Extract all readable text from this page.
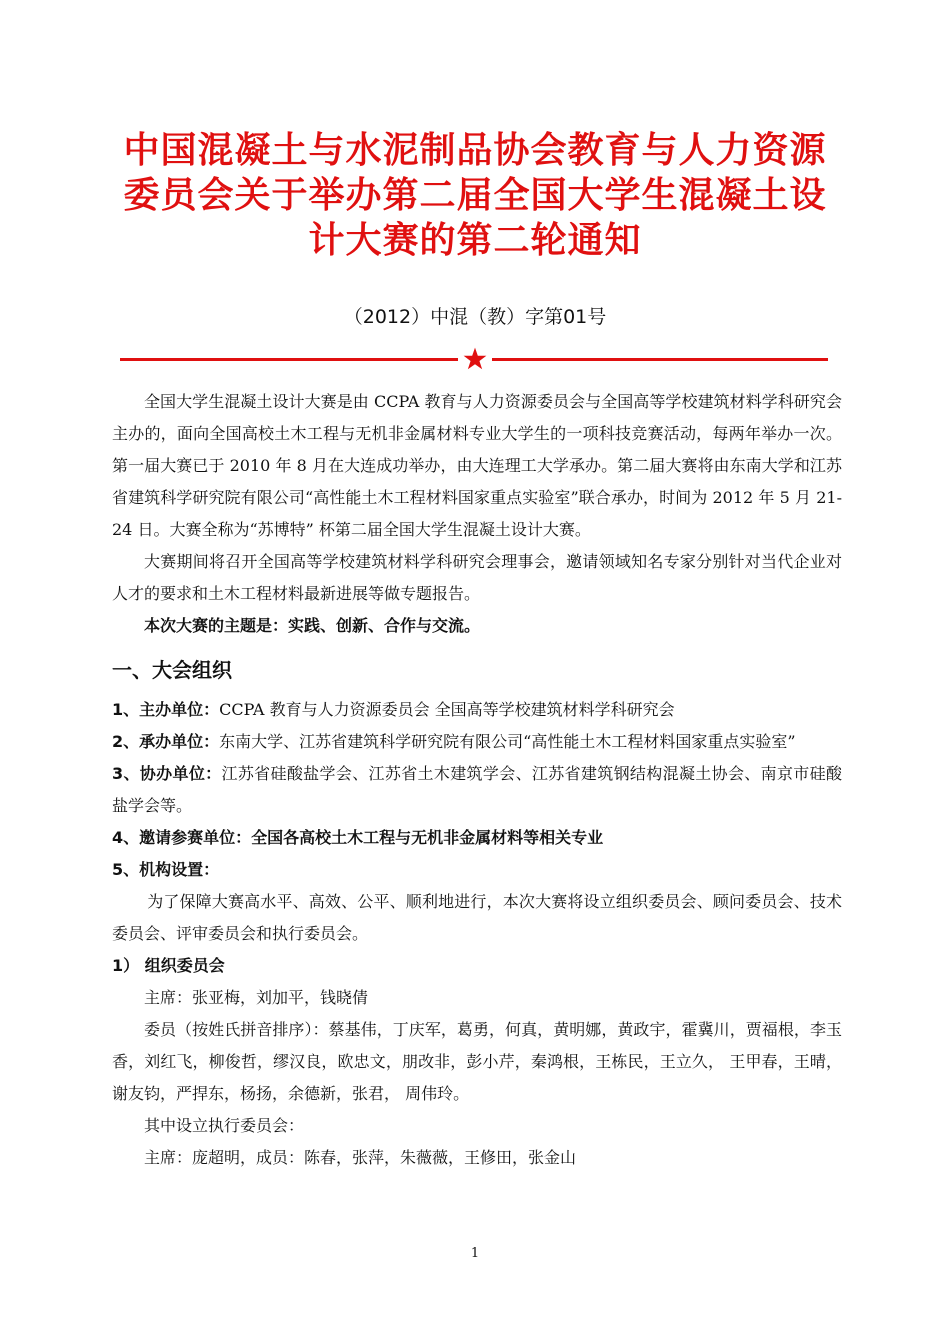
中国混凝土与水泥制品协会教育与人力资源委员会关于举办第二届全国大学生混凝土设计大赛的第二轮通知
（2012）中混（教）字第01号

全国大学生混凝土设计大赛是由 CCPA 教育与人力资源委员会与全国高等学校建筑材料学科研究会主办的，面向全国高校土木工程与无机非金属材料专业大学生的一项科技竞赛活动，每两年举办一次。第一届大赛已于 2010 年 8 月在大连成功举办，由大连理工大学承办。第二届大赛将由东南大学和江苏省建筑科学研究院有限公司“高性能土木工程材料国家重点实验室”联合承办，时间为 2012 年 5 月 21-24 日。大赛全称为“苏博特” 杯第二届全国大学生混凝土设计大赛。

大赛期间将召开全国高等学校建筑材料学科研究会理事会，邀请领域知名专家分别针对当代企业对人才的要求和土木工程材料最新进展等做专题报告。

本次大赛的主题是：实践、创新、合作与交流。

一、大会组织

1、主办单位：CCPA 教育与人力资源委员会 全国高等学校建筑材料学科研究会

2、承办单位：东南大学、江苏省建筑科学研究院有限公司“高性能土木工程材料国家重点实验室”

3、协办单位：江苏省硅酸盐学会、江苏省土木建筑学会、江苏省建筑钢结构混凝土协会、南京市硅酸盐学会等。

4、邀请参赛单位：全国各高校土木工程与无机非金属材料等相关专业

5、机构设置：

为了保障大赛高水平、高效、公平、顺利地进行，本次大赛将设立组织委员会、顾问委员会、技术委员会、评审委员会和执行委员会。

1） 组织委员会

主席：张亚梅，刘加平，钱晓倩

委员（按姓氏拼音排序）：蔡基伟，丁庆军，葛勇，何真，黄明娜，黄政宇，霍冀川，贾福根，李玉香，刘红飞，柳俊哲，缪汉良，欧忠文，朋改非，彭小芹，秦鸿根，王栋民，王立久， 王甲春，王晴， 谢友钧，严捍东，杨扬，余德新，张君， 周伟玲。

其中设立执行委员会：

主席：庞超明，成员：陈春，张萍，朱薇薇，王修田，张金山

1
